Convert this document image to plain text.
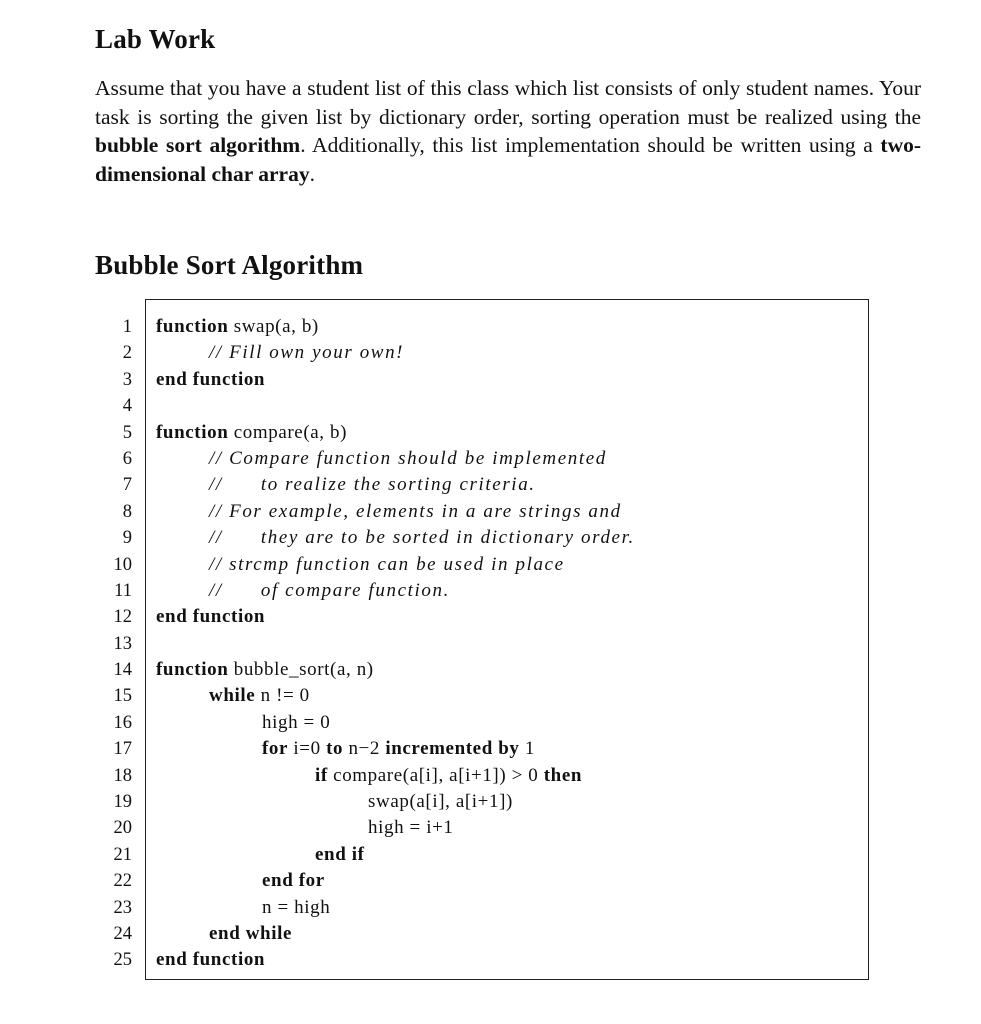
Lab Work

Assume that you have a student list of this class which list consists of only student names. Your task is sorting the given list by dictionary order, sorting operation must be realized using the bubble sort algorithm. Additionally, this list implementation should be written using a two-dimensional char array.

Bubble Sort Algorithm
1
2
3
4
5
6
7
8
9
10
11
12
13
14
15
16
17
18
19
20
21
22
23
24
25
function swap(a, b)
// Fill own your own!
end function
function compare(a, b)
// Compare function should be implemented
//      to realize the sorting criteria.
// For example, elements in a are strings and
//      they are to be sorted in dictionary order.
// strcmp function can be used in place
//      of compare function.
end function
function bubble_sort(a, n)
while n != 0
high = 0
for i=0 to n−2 incremented by 1
if compare(a[i], a[i+1]) > 0 then
swap(a[i], a[i+1])
high = i+1
end if
end for
n = high
end while
end function
